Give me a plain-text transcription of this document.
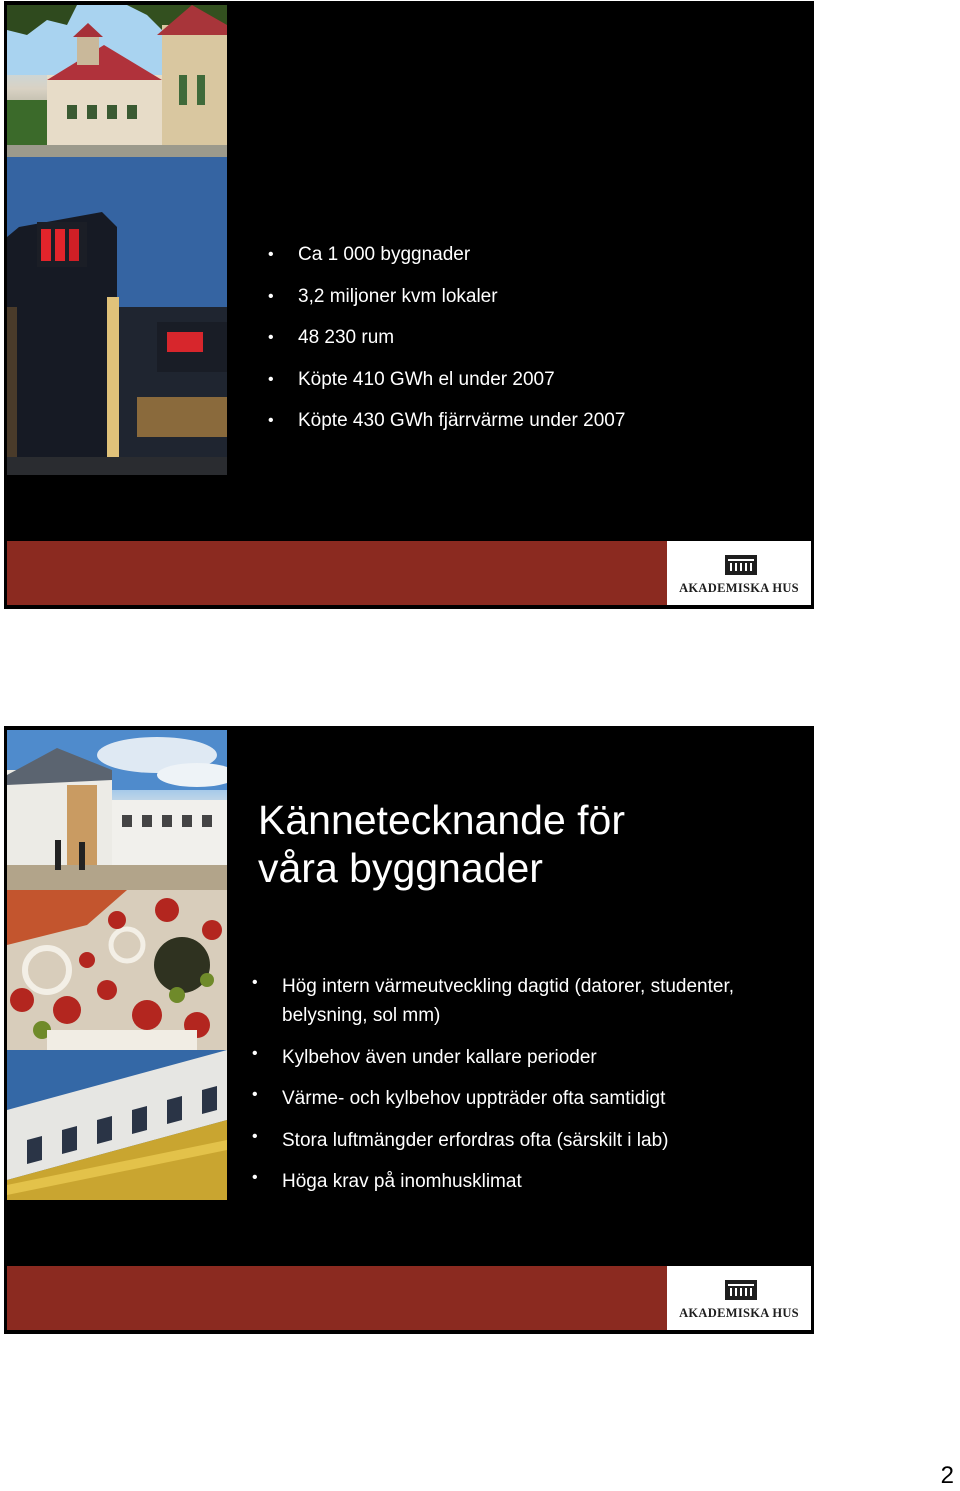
• Ca 1 000 byggnader
• 3,2 miljoner kvm lokaler
• 48 230 rum
• Köpte 410 GWh el under 2007
• Köpte 430 GWh fjärrvärme under 2007
AKADEMISKA HUS
Kännetecknande för
våra byggnader
• Hög intern värmeutveckling dagtid (datorer, studenter, belysning, sol mm)
• Kylbehov även under kallare perioder
• Värme- och kylbehov uppträder ofta samtidigt
• Stora luftmängder erfordras ofta (särskilt i lab)
• Höga krav på inomhusklimat
AKADEMISKA HUS
2
